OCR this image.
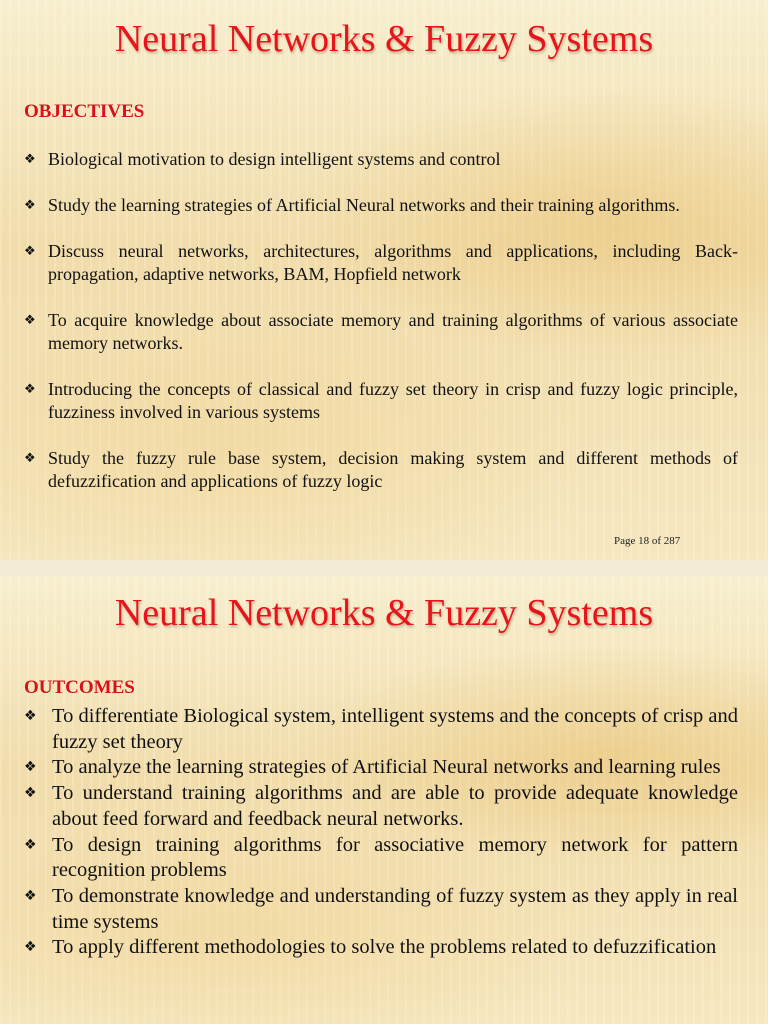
Neural Networks & Fuzzy Systems
OBJECTIVES
❖ Biological motivation to design intelligent systems and control
❖ Study the learning strategies of Artificial Neural networks and their training algorithms.
❖ Discuss neural networks, architectures, algorithms and applications, including Back-propagation, adaptive networks, BAM, Hopfield network
❖ To acquire knowledge about associate memory and training algorithms of various associate memory networks.
❖ Introducing the concepts of classical and fuzzy set theory in crisp and fuzzy logic principle, fuzziness involved in various systems
❖ Study the fuzzy rule base system, decision making system and different methods of defuzzification and applications of fuzzy logic
Page 18 of 287
Neural Networks & Fuzzy Systems
OUTCOMES
❖ To differentiate Biological system, intelligent systems and the concepts of crisp and fuzzy set theory
❖ To analyze the learning strategies of Artificial Neural networks and learning rules
❖ To understand training algorithms and are able to provide adequate knowledge about feed forward and feedback neural networks.
❖ To design training algorithms for associative memory network for pattern recognition problems
❖ To demonstrate knowledge and understanding of fuzzy system as they apply in real time systems
❖ To apply different methodologies to solve the problems related to defuzzification
